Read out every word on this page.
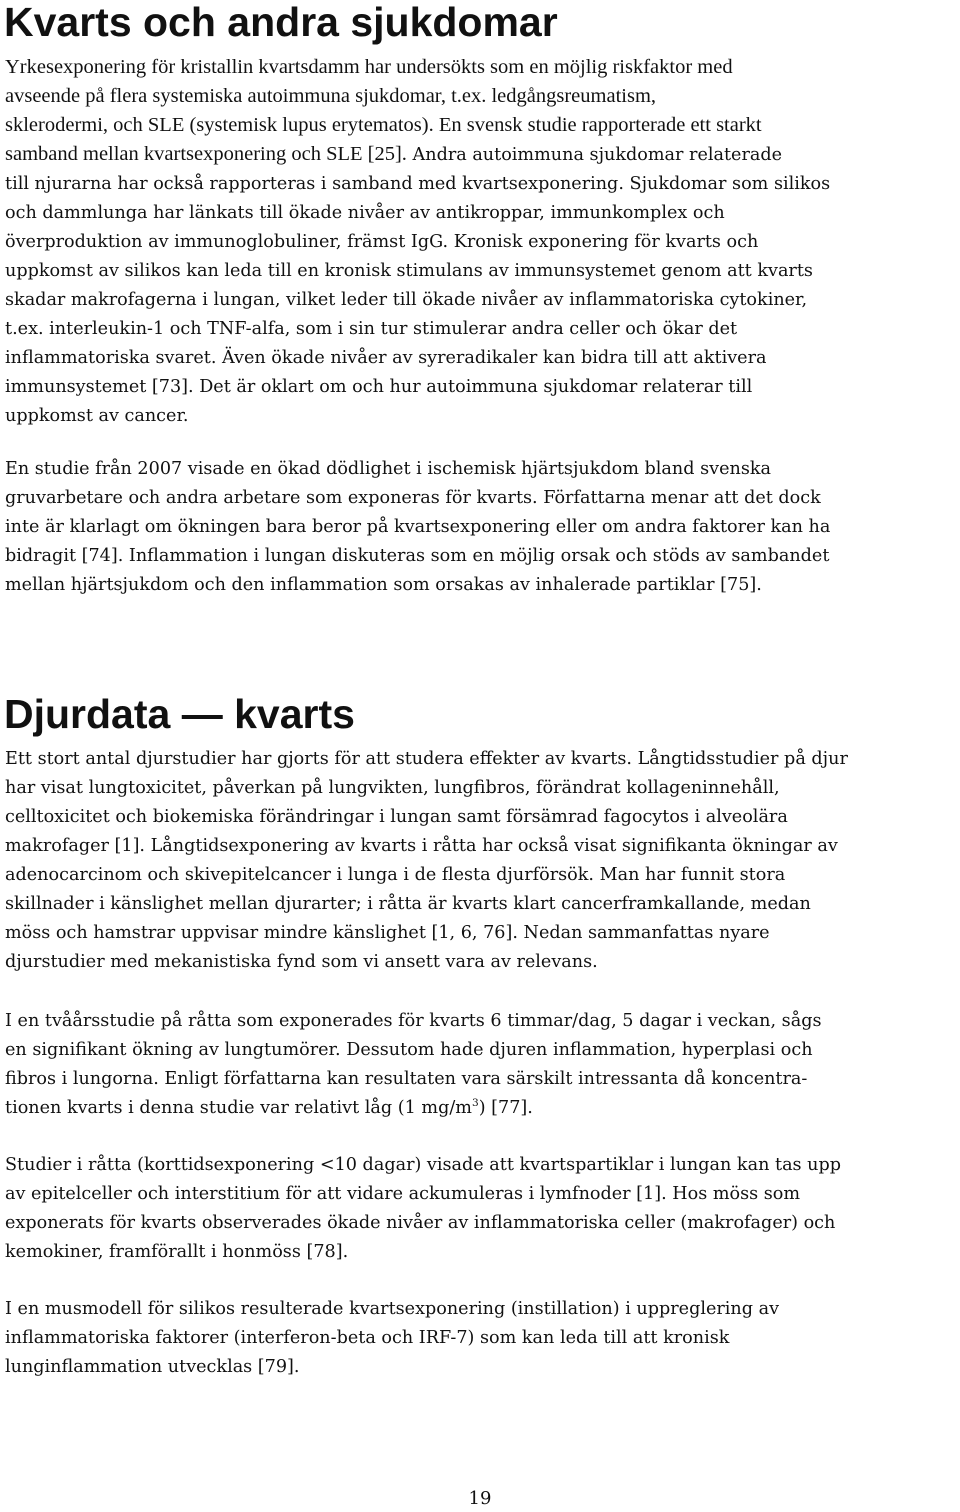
Kvarts och andra sjukdomar

Yrkesexponering för kristallin kvartsdamm har undersökts som en möjlig riskfaktor med
avseende på flera systemiska autoimmuna sjukdomar, t.ex. ledgångsreumatism,
sklerodermi, och SLE (systemisk lupus erytematos). En svensk studie rapporterade ett starkt
samband mellan kvartsexponering och SLE [25]. Andra autoimmuna sjukdomar relaterade
till njurarna har också rapporteras i samband med kvartsexponering. Sjukdomar som silikos
och dammlunga har länkats till ökade nivåer av antikroppar, immunkomplex och
överproduktion av immunoglobuliner, främst IgG. Kronisk exponering för kvarts och
uppkomst av silikos kan leda till en kronisk stimulans av immunsystemet genom att kvarts
skadar makrofagerna i lungan, vilket leder till ökade nivåer av inflammatoriska cytokiner,
t.ex. interleukin-1 och TNF-alfa, som i sin tur stimulerar andra celler och ökar det
inflammatoriska svaret. Även ökade nivåer av syreradikaler kan bidra till att aktivera
immunsystemet [73]. Det är oklart om och hur autoimmuna sjukdomar relaterar till
uppkomst av cancer.

En studie från 2007 visade en ökad dödlighet i ischemisk hjärtsjukdom bland svenska
gruvarbetare och andra arbetare som exponeras för kvarts. Författarna menar att det dock
inte är klarlagt om ökningen bara beror på kvartsexponering eller om andra faktorer kan ha
bidragit [74]. Inflammation i lungan diskuteras som en möjlig orsak och stöds av sambandet
mellan hjärtsjukdom och den inflammation som orsakas av inhalerade partiklar [75].

Djurdata — kvarts

Ett stort antal djurstudier har gjorts för att studera effekter av kvarts. Långtidsstudier på djur
har visat lungtoxicitet, påverkan på lungvikten, lungfibros, förändrat kollageninnehåll,
celltoxicitet och biokemiska förändringar i lungan samt försämrad fagocytos i alveolära
makrofager [1]. Långtidsexponering av kvarts i råtta har också visat signifikanta ökningar av
adenocarcinom och skivepitelcancer i lunga i de flesta djurförsök. Man har funnit stora
skillnader i känslighet mellan djurarter; i råtta är kvarts klart cancerframkallande, medan
möss och hamstrar uppvisar mindre känslighet [1, 6, 76]. Nedan sammanfattas nyare
djurstudier med mekanistiska fynd som vi ansett vara av relevans.

I en tvåårsstudie på råtta som exponerades för kvarts 6 timmar/dag, 5 dagar i veckan, sågs
en signifikant ökning av lungtumörer. Dessutom hade djuren inflammation, hyperplasi och
fibros i lungorna. Enligt författarna kan resultaten vara särskilt intressanta då koncentra-
tionen kvarts i denna studie var relativt låg (1 $mg/m^3$) [77].

Studier i råtta (korttidsexponering <10 dagar) visade att kvartspartiklar i lungan kan tas upp
av epitelceller och interstitium för att vidare ackumuleras i lymfnoder [1]. Hos möss som
exponerats för kvarts observerades ökade nivåer av inflammatoriska celler (makrofager) och
kemokiner, framförallt i honmöss [78].

I en musmodell för silikos resulterade kvartsexponering (instillation) i uppreglering av
inflammatoriska faktorer (interferon-beta och IRF-7) som kan leda till att kronisk
lunginflammation utvecklas [79].

19
